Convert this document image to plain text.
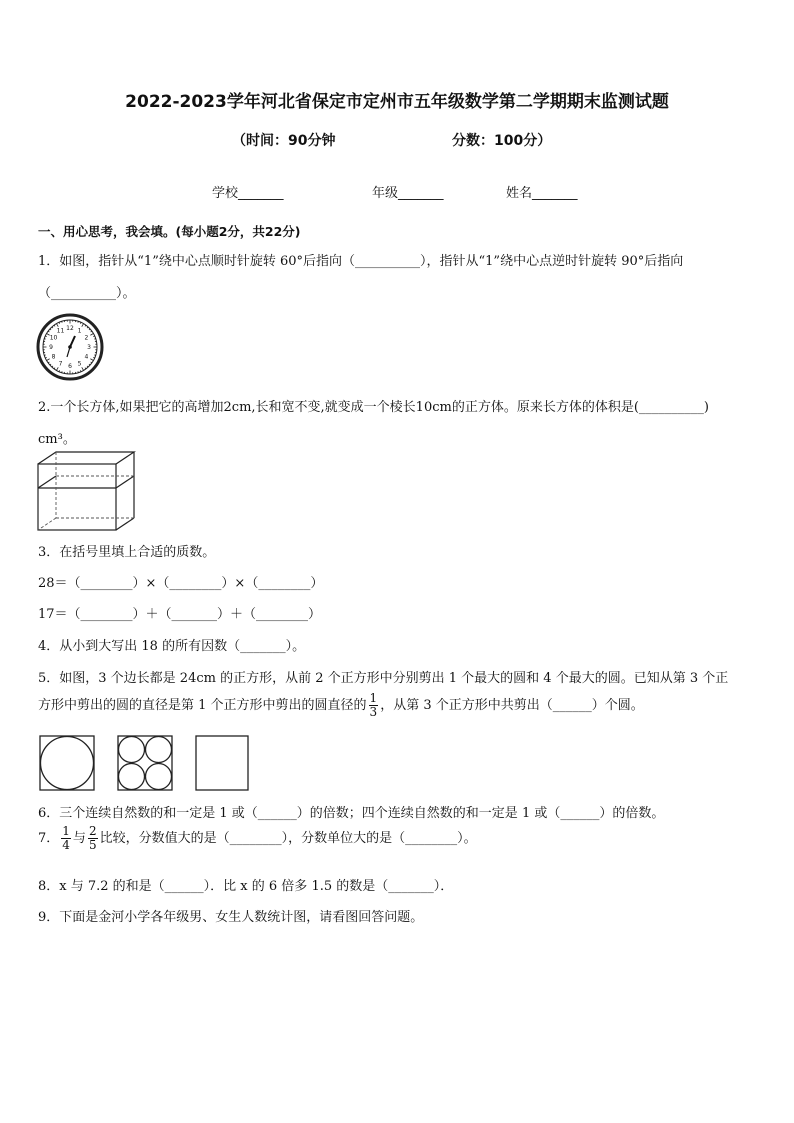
2022-2023学年河北省保定市定州市五年级数学第二学期期末监测试题
（时间：90分钟	分数：100分）
学校_______	年级_______	姓名_______
一、用心思考，我会填。(每小题2分，共22分)
1．如图，指针从“1”绕中心点顺时针旋转 60°后指向（__________），指针从“1”绕中心点逆时针旋转 90°后指向
（__________）。
12 1
2
3
4
5
6
7
8
9
10
11
2.一个长方体,如果把它的高增加2cm,长和宽不变,就变成一个棱长10cm的正方体。原来长方体的体积是(__________)
cm³。
3．在括号里填上合适的质数。
28＝（________）×（________）×（________）
17＝（________）＋（_______）＋（________）
4．从小到大写出 18 的所有因数（_______）。
5．如图，3 个边长都是 24cm 的正方形，从前 2 个正方形中分别剪出 1 个最大的圆和 4 个最大的圆。已知从第 3 个正
方形中剪出的圆的直径是第 1 个正方形中剪出的圆直径的 $\frac{1}{3}$ ，从第 3 个正方形中共剪出（______）个圆。
6．三个连续自然数的和一定是 1 或（______）的倍数；四个连续自然数的和一定是 1 或（______）的倍数。
7． $\frac{1}{4}$ 与 $\frac{2}{5}$ 比较，分数值大的是（________），分数单位大的是（________）。
8．x 与 7.2 的和是（______）．比 x 的 6 倍多 1.5 的数是（_______）．
9．下面是金河小学各年级男、女生人数统计图，请看图回答问题。
